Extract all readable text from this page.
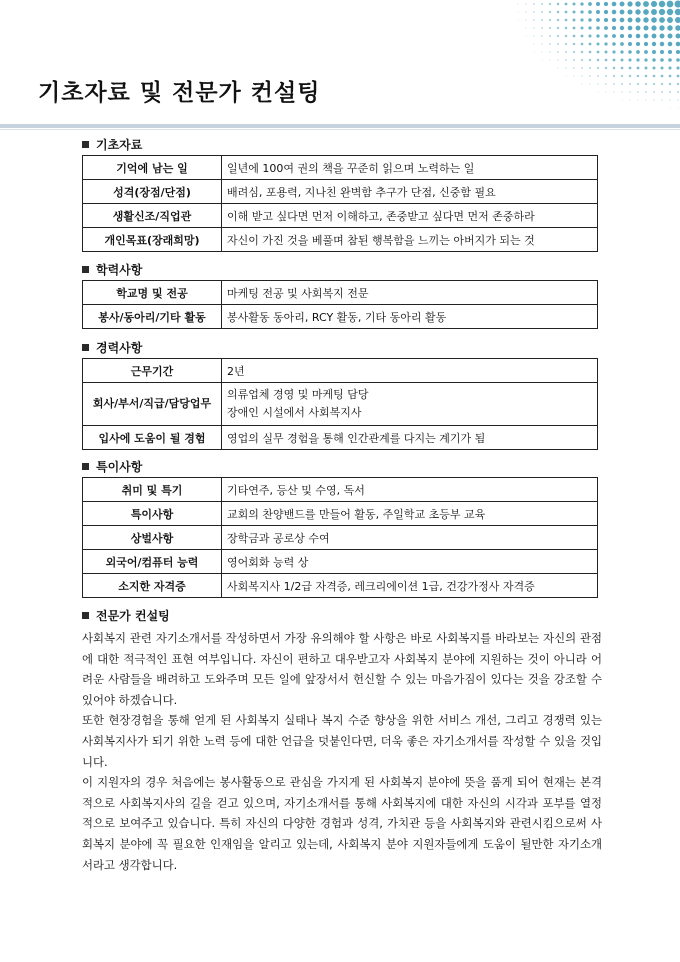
기초자료 및 전문가 컨설팅
기초자료
기억에 남는 일	일년에 100여 권의 책을 꾸준히 읽으며 노력하는 일
성격(장점/단점)	배려심, 포용력, 지나친 완벽함 추구가 단점, 신중함 필요
생활신조/직업관	이해 받고 싶다면 먼저 이해하고, 존중받고 싶다면 먼저 존중하라
개인목표(장래희망)	자신이 가진 것을 베풀며 참된 행복함을 느끼는 아버지가 되는 것
학력사항
학교명 및 전공	마케팅 전공 및 사회복지 전문
봉사/동아리/기타 활동	봉사활동 동아리, RCY 활동, 기타 동아리 활동
경력사항
근무기간	2년
회사/부서/직급/담당업무	의류업체 경영 및 마케팅 담당
장애인 시설에서 사회복지사

입사에 도움이 될 경험	영업의 실무 경험을 통해 인간관계를 다지는 계기가 됨
특이사항
취미 및 특기	기타연주, 등산 및 수영, 독서
특이사항	교회의 찬양밴드를 만들어 활동, 주일학교 초등부 교육
상벌사항	장학금과 공로상 수여
외국어/컴퓨터 능력	영어회화 능력 상
소지한 자격증	사회복지사 1/2급 자격증, 레크리에이션 1급, 건강가정사 자격증
전문가 컨설팅

사회복지 관련 자기소개서를 작성하면서 가장 유의해야 할 사항은 바로 사회복지를 바라보는 자신의 관점에 대한 적극적인 표현 여부입니다. 자신이 편하고 대우받고자 사회복지 분야에 지원하는 것이 아니라 어려운 사람들을 배려하고 도와주며 모든 일에 앞장서서 헌신할 수 있는 마음가짐이 있다는 것을 강조할 수 있어야 하겠습니다.

또한 현장경험을 통해 얻게 된 사회복지 실태나 복지 수준 향상을 위한 서비스 개선, 그리고 경쟁력 있는 사회복지사가 되기 위한 노력 등에 대한 언급을 덧붙인다면, 더욱 좋은 자기소개서를 작성할 수 있을 것입니다.

이 지원자의 경우 처음에는 봉사활동으로 관심을 가지게 된 사회복지 분야에 뜻을 품게 되어 현재는 본격적으로 사회복지사의 길을 걷고 있으며, 자기소개서를 통해 사회복지에 대한 자신의 시각과 포부를 열정적으로 보여주고 있습니다. 특히 자신의 다양한 경험과 성격, 가치관 등을 사회복지와 관련시킴으로써 사회복지 분야에 꼭 필요한 인재임을 알리고 있는데, 사회복지 분야 지원자들에게 도움이 될만한 자기소개서라고 생각합니다.
